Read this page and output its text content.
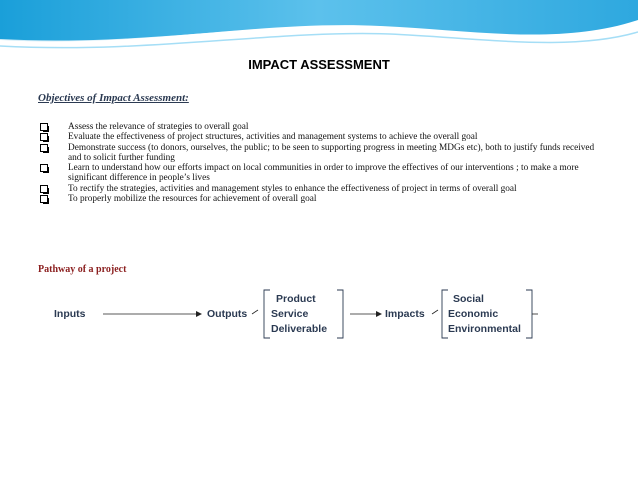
IMPACT ASSESSMENT
Objectives of Impact Assessment:
Assess the relevance of strategies to overall goal
Evaluate the effectiveness of project structures, activities and management systems to achieve the overall goal
Demonstrate success (to donors, ourselves, the public; to be seen to supporting progress in meeting MDGs etc), both to justify funds received and to solicit further funding
Learn to understand how our efforts impact on local communities in order to improve the effectives of our interventions ; to make a more significant difference in people’s lives
To rectify the strategies, activities and management styles to enhance the effectiveness of project in terms of overall goal
To properly mobilize the resources for achievement of overall goal
Pathway of a project
Inputs	Outputs
Product
Service
Deliverable
Impacts
Social
Economic
Environmental
